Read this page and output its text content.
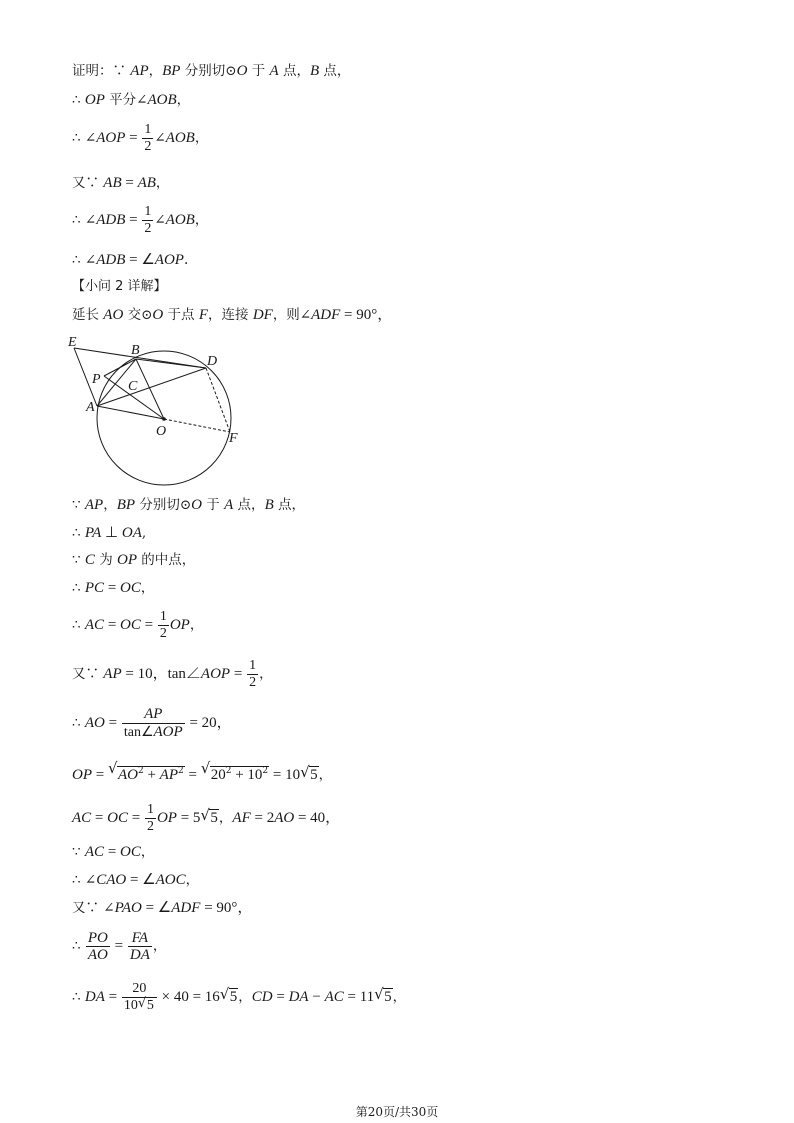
证明：∵ AP，BP 分别切⊙O 于 A 点，B 点，
∴ OP 平分∠AOB，
∴ ∠AOP = $\frac{1}{2}$ ∠AOB，
又∵ AB = AB，
∴ ∠ADB = $\frac{1}{2}$ ∠AOB，
∴ ∠ADB = ∠AOP.
【小问 2 详解】
延长 AO 交⊙O 于点 F，连接 DF，则∠ADF = 90°，
E
B
D
P C
A
O	F
∵ AP，BP 分别切⊙O 于 A 点，B 点，
∴ PA ⊥ OA,
∵ C 为 OP 的中点，
∴ PC = OC，
∴ AC = OC = $\frac{1}{2}$ OP，
又∵ AP = 10，tan∠AOP = $\frac{1}{2}$ ，
∴ AO = $\frac{AP}{\text{tan∠AOP}} = 20$，
OP = √ $AO^2 + AP^2$ = √ $20^2 + 10^2 = 10$ √ 5，
AC = OC = $\frac{1}{2}$ OP = 5 √ 5，AF = 2AO = 40，
∵ AC = OC，
∴ ∠CAO = ∠AOC，
又∵ ∠PAO = ∠ADF = 90°，
∴ $\frac{PO}{AO} = \frac{FA}{DA}$ ，
∴ DA = $\frac{20}{10 √ 5} \times 40 = 16$ √ 5，CD = DA − AC = 11 √ 5，
第20页/共30页
